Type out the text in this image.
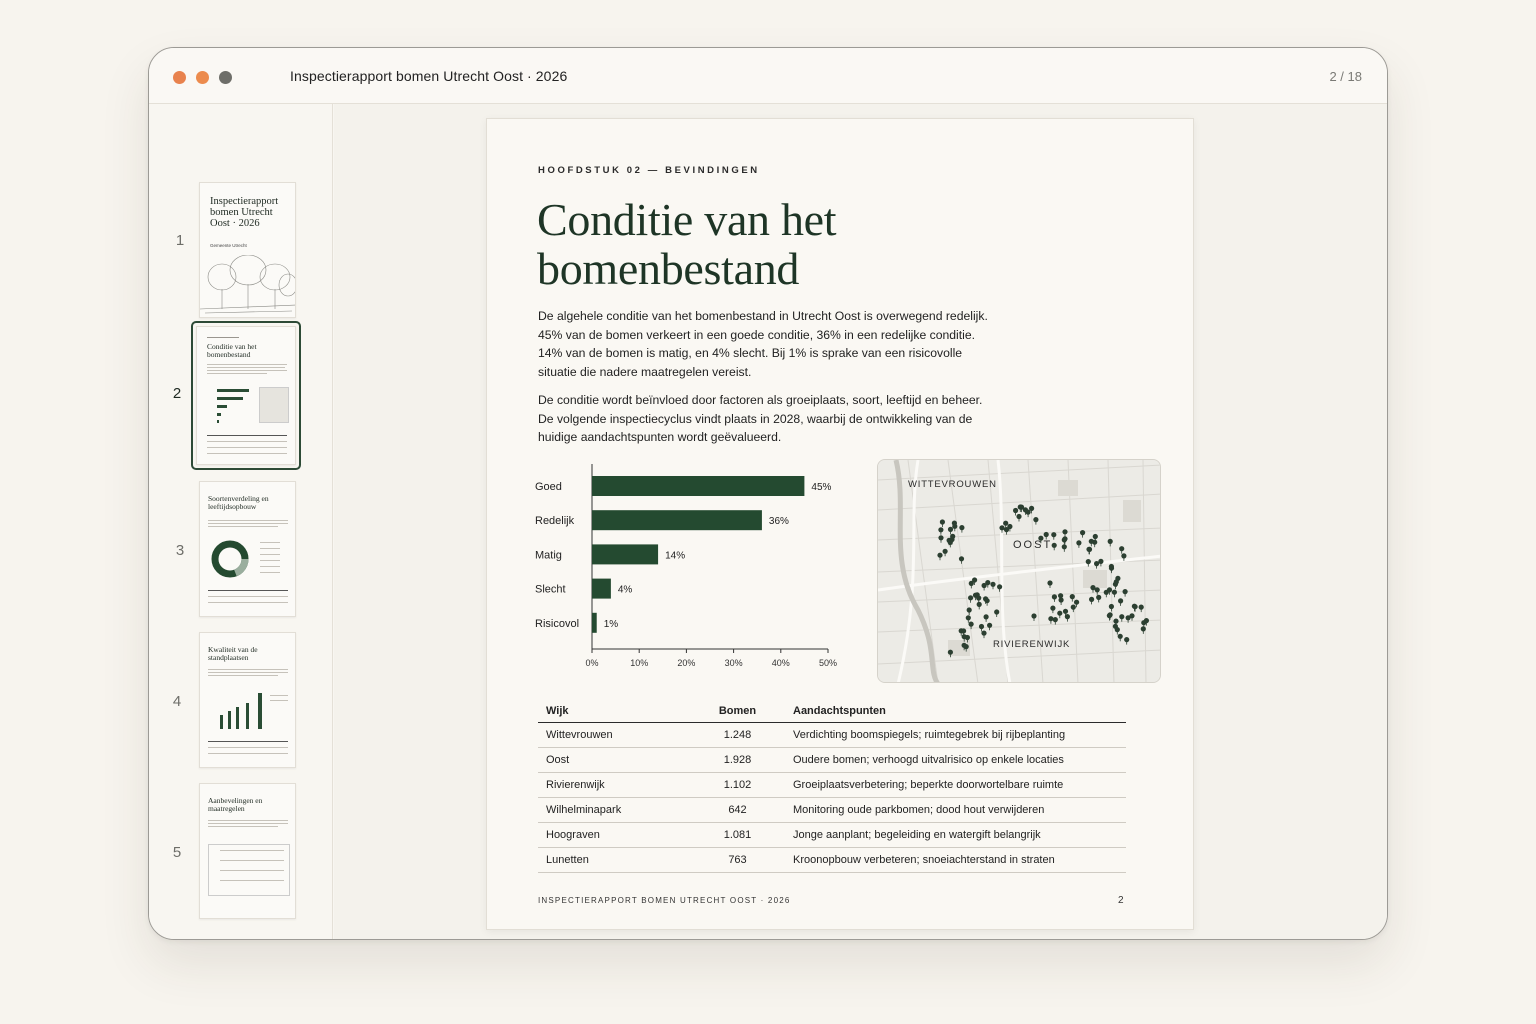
Inspectierapport bomen Utrecht Oost · 2026	2 / 18
1
Inspectierapport bomen Utrecht Oost · 2026
Gemeente Utrecht
2
Conditie van het bomenbestand
3
Soortenverdeling en leeftijdsopbouw
4
Kwaliteit van de standplaatsen
5
Aanbevelingen en maatregelen
HOOFDSTUK 02 — BEVINDINGEN
Conditie van het bomenbestand

De algehele conditie van het bomenbestand in Utrecht Oost is overwegend redelijk. 45% van de bomen verkeert in een goede conditie, 36% in een redelijke conditie. 14% van de bomen is matig, en 4% slecht. Bij 1% is sprake van een risicovolle situatie die nadere maatregelen vereist.

De conditie wordt beïnvloed door factoren als groeiplaats, soort, leeftijd en beheer. De volgende inspectiecyclus vindt plaats in 2028, waarbij de ontwikkeling van de huidige aandachtspunten wordt geëvalueerd.

Goed	45%
Redelijk	36%
Matig	14%
Slecht	4%
Risicovol 1%
0%	10%	20%	30%	40%	50%
WITTEVROUWEN
OOST
RIVIERENWIJK
Wijk	Bomen	Aandachtspunten
Wittevrouwen	1.248	Verdichting boomspiegels; ruimtegebrek bij rijbeplanting
Oost	1.928	Oudere bomen; verhoogd uitvalrisico op enkele locaties
Rivierenwijk	1.102	Groeiplaatsverbetering; beperkte doorwortelbare ruimte
Wilhelminapark	642	Monitoring oude parkbomen; dood hout verwijderen
Hoograven	1.081	Jonge aanplant; begeleiding en watergift belangrijk
Lunetten	763	Kroonopbouw verbeteren; snoeiachterstand in straten
INSPECTIERAPPORT BOMEN UTRECHT OOST · 2026	2
